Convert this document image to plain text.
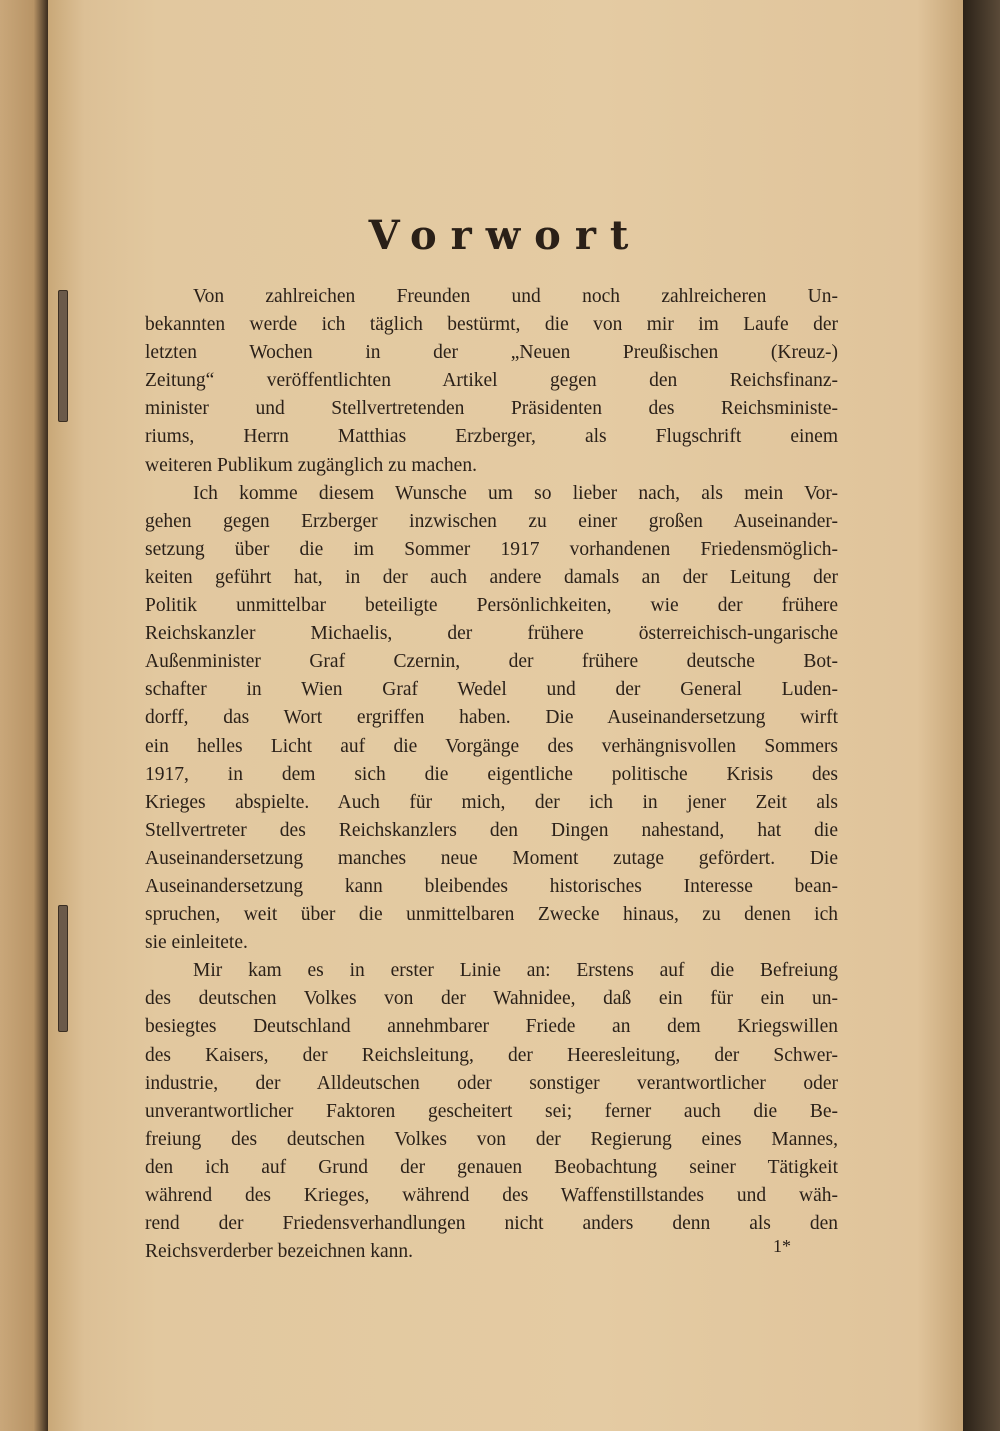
Vorwort
Von zahlreichen Freunden und noch zahlreicheren Un-
bekannten werde ich täglich bestürmt, die von mir im Laufe der
letzten Wochen in der „Neuen Preußischen (Kreuz-)
Zeitung“ veröffentlichten Artikel gegen den Reichsfinanz-
minister und Stellvertretenden Präsidenten des Reichsministe-
riums, Herrn Matthias Erzberger, als Flugschrift einem
weiteren Publikum zugänglich zu machen.
Ich komme diesem Wunsche um so lieber nach, als mein Vor-
gehen gegen Erzberger inzwischen zu einer großen Auseinander-
setzung über die im Sommer 1917 vorhandenen Friedensmöglich-
keiten geführt hat, in der auch andere damals an der Leitung der
Politik unmittelbar beteiligte Persönlichkeiten, wie der frühere
Reichskanzler Michaelis, der frühere österreichisch-ungarische
Außenminister Graf Czernin, der frühere deutsche Bot-
schafter in Wien Graf Wedel und der General Luden-
dorff, das Wort ergriffen haben. Die Auseinandersetzung wirft
ein helles Licht auf die Vorgänge des verhängnisvollen Sommers
1917, in dem sich die eigentliche politische Krisis des
Krieges abspielte. Auch für mich, der ich in jener Zeit als
Stellvertreter des Reichskanzlers den Dingen nahestand, hat die
Auseinandersetzung manches neue Moment zutage gefördert. Die
Auseinandersetzung kann bleibendes historisches Interesse bean-
spruchen, weit über die unmittelbaren Zwecke hinaus, zu denen ich
sie einleitete.
Mir kam es in erster Linie an: Erstens auf die Befreiung
des deutschen Volkes von der Wahnidee, daß ein für ein un-
besiegtes Deutschland annehmbarer Friede an dem Kriegswillen
des Kaisers, der Reichsleitung, der Heeresleitung, der Schwer-
industrie, der Alldeutschen oder sonstiger verantwortlicher oder
unverantwortlicher Faktoren gescheitert sei; ferner auch die Be-
freiung des deutschen Volkes von der Regierung eines Mannes,
den ich auf Grund der genauen Beobachtung seiner Tätigkeit
während des Krieges, während des Waffenstillstandes und wäh-
rend der Friedensverhandlungen nicht anders denn als den
Reichsverderber bezeichnen kann.	1*
